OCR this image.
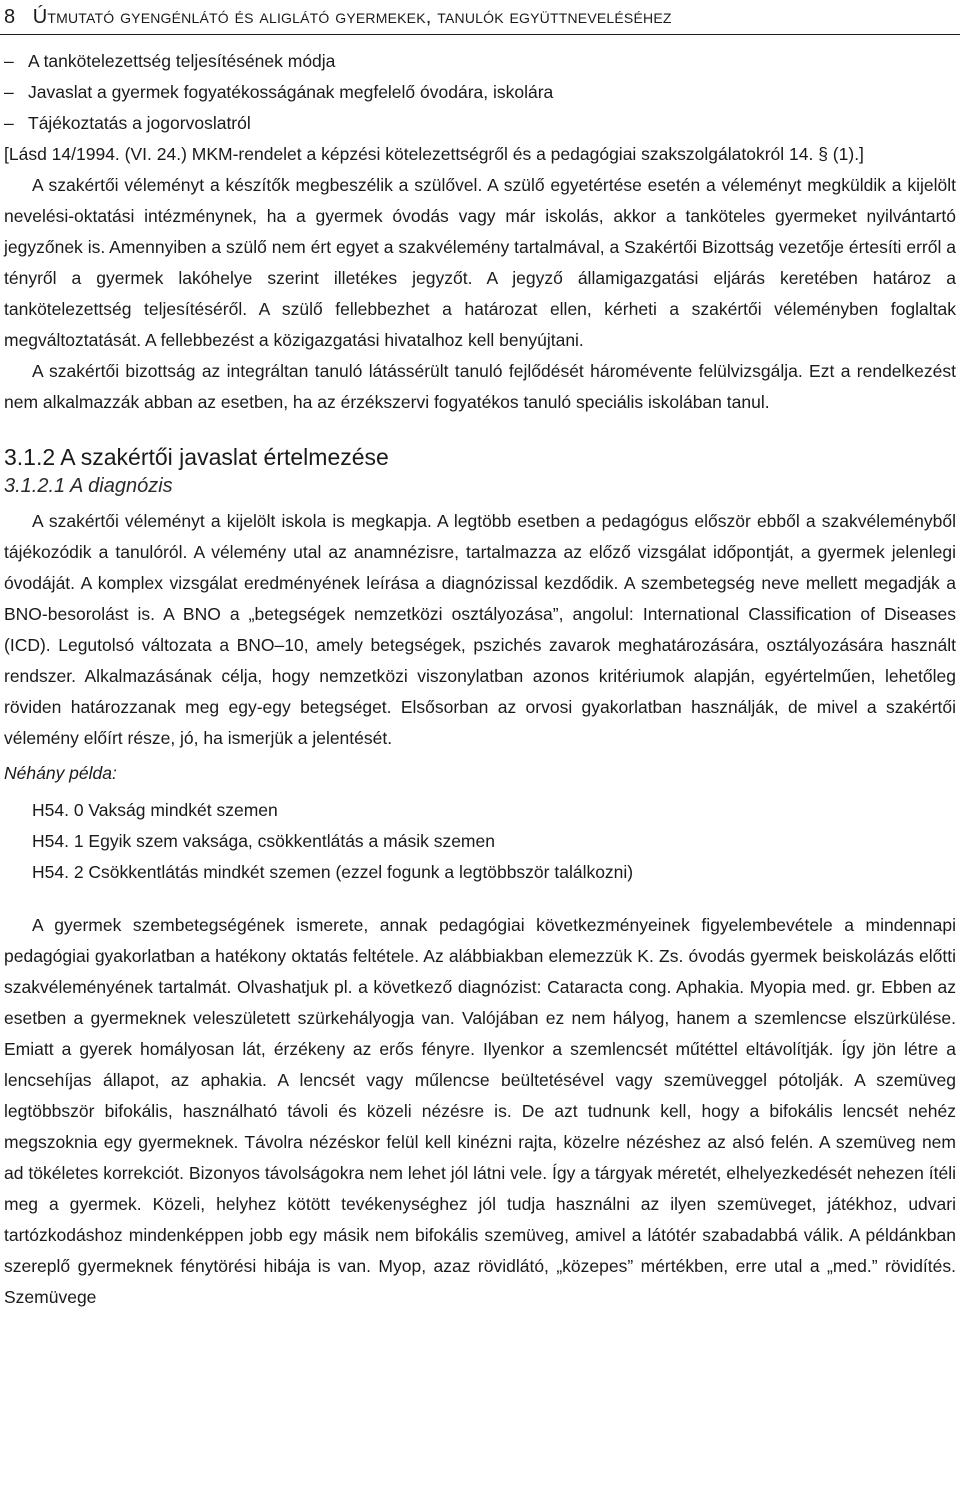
8 Útmutató gyengénlátó és aliglátó gyermekek, tanulók együttneveléséhez
– A tankötelezettség teljesítésének módja
– Javaslat a gyermek fogyatékosságának megfelelő óvodára, iskolára
– Tájékoztatás a jogorvoslatról

[Lásd 14/1994. (VI. 24.) MKM-rendelet a képzési kötelezettségről és a pedagógiai szakszolgálatokról 14. § (1).]

A szakértői véleményt a készítők megbeszélik a szülővel. A szülő egyetértése esetén a véleményt megküldik a kijelölt nevelési-oktatási intézménynek, ha a gyermek óvodás vagy már iskolás, akkor a tanköteles gyermeket nyilvántartó jegyzőnek is. Amennyiben a szülő nem ért egyet a szakvélemény tartalmával, a Szakértői Bizottság vezetője értesíti erről a tényről a gyermek lakóhelye szerint illetékes jegyzőt. A jegyző államigazgatási eljárás keretében határoz a tankötelezettség teljesítéséről. A szülő fellebbezhet a határozat ellen, kérheti a szakértői véleményben foglaltak megváltoztatását. A fellebbezést a közigazgatási hivatalhoz kell benyújtani.

A szakértői bizottság az integráltan tanuló látássérült tanuló fejlődését háromévente felülvizsgálja. Ezt a rendelkezést nem alkalmazzák abban az esetben, ha az érzékszervi fogyatékos tanuló speciális iskolában tanul.

3.1.2 A szakértői javaslat értelmezése

3.1.2.1 A diagnózis

A szakértői véleményt a kijelölt iskola is megkapja. A legtöbb esetben a pedagógus először ebből a szakvéleményből tájékozódik a tanulóról. A vélemény utal az anamnézisre, tartalmazza az előző vizsgálat időpontját, a gyermek jelenlegi óvodáját. A komplex vizsgálat eredményének leírása a diagnózissal kezdődik. A szembetegség neve mellett megadják a BNO-besorolást is. A BNO a „betegségek nemzetközi osztályozása”, angolul: International Classification of Diseases (ICD). Legutolsó változata a BNO–10, amely betegségek, pszichés zavarok meghatározására, osztályozására használt rendszer. Alkalmazásának célja, hogy nemzetközi viszonylatban azonos kritériumok alapján, egyértelműen, lehetőleg röviden határozzanak meg egy-egy betegséget. Elsősorban az orvosi gyakorlatban használják, de mivel a szakértői vélemény előírt része, jó, ha ismerjük a jelentését.

Néhány példa:

H54. 0 Vakság mindkét szemen

H54. 1 Egyik szem vaksága, csökkentlátás a másik szemen

H54. 2 Csökkentlátás mindkét szemen (ezzel fogunk a legtöbbször találkozni)

A gyermek szembetegségének ismerete, annak pedagógiai következményeinek figyelembevétele a mindennapi pedagógiai gyakorlatban a hatékony oktatás feltétele. Az alábbiakban elemezzük K. Zs. óvodás gyermek beiskolázás előtti szakvéleményének tartalmát. Olvashatjuk pl. a következő diagnózist: Cataracta cong. Aphakia. Myopia med. gr. Ebben az esetben a gyermeknek veleszületett szürkehályogja van. Valójában ez nem hályog, hanem a szemlencse elszürkülése. Emiatt a gyerek homályosan lát, érzékeny az erős fényre. Ilyenkor a szemlencsét műtéttel eltávolítják. Így jön létre a lencsehíjas állapot, az aphakia. A lencsét vagy műlencse beültetésével vagy szemüveggel pótolják. A szemüveg legtöbbször bifokális, használható távoli és közeli nézésre is. De azt tudnunk kell, hogy a bifokális lencsét nehéz megszoknia egy gyermeknek. Távolra nézéskor felül kell kinézni rajta, közelre nézéshez az alsó felén. A szemüveg nem ad tökéletes korrekciót. Bizonyos távolságokra nem lehet jól látni vele. Így a tárgyak méretét, elhelyezkedését nehezen ítéli meg a gyermek. Közeli, helyhez kötött tevékenységhez jól tudja használni az ilyen szemüveget, játékhoz, udvari tartózkodáshoz mindenképpen jobb egy másik nem bifokális szemüveg, amivel a látótér szabadabbá válik. A példánkban szereplő gyermeknek fénytörési hibája is van. Myop, azaz rövidlátó, „közepes” mértékben, erre utal a „med.” rövidítés. Szemüvege
